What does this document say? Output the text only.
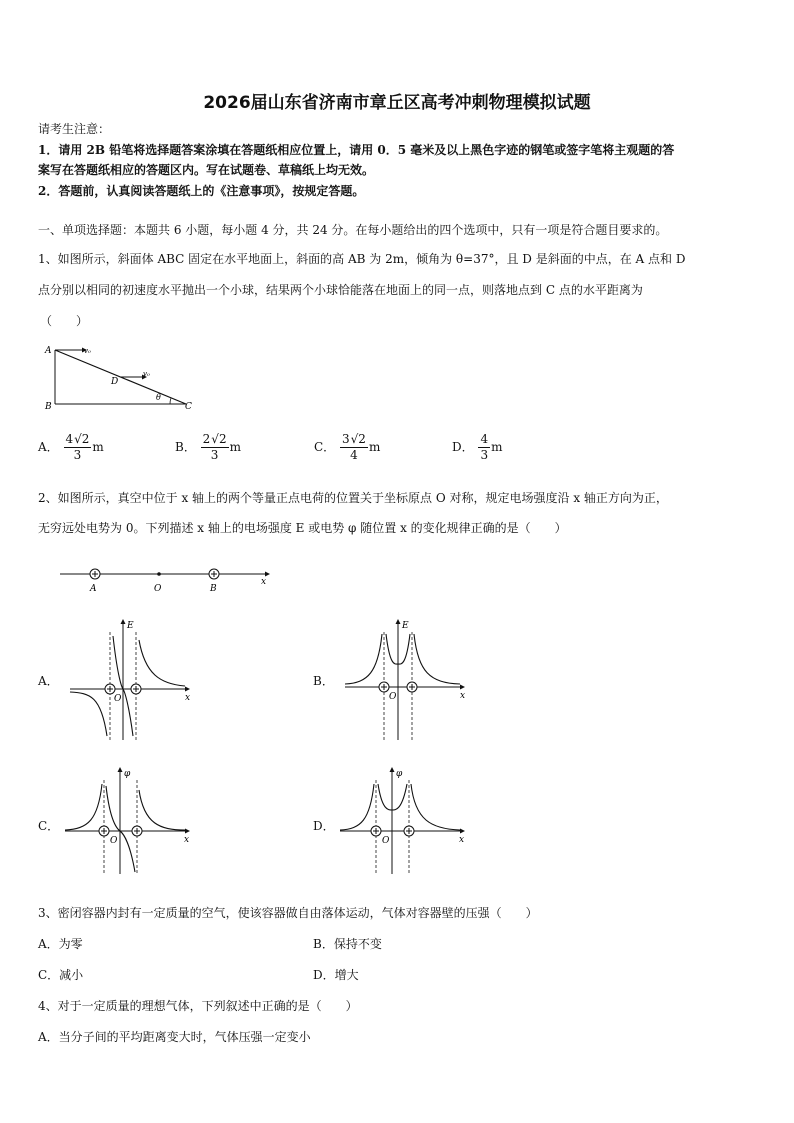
2026届山东省济南市章丘区高考冲刺物理模拟试题
请考生注意：
1．请用 2B 铅笔将选择题答案涂填在答题纸相应位置上，请用 0．5 毫米及以上黑色字迹的钢笔或签字笔将主观题的答
案写在答题纸相应的答题区内。写在试题卷、草稿纸上均无效。
2．答题前，认真阅读答题纸上的《注意事项》，按规定答题。
一、单项选择题：本题共 6 小题，每小题 4 分，共 24 分。在每小题给出的四个选项中，只有一项是符合题目要求的。
1、如图所示，斜面体 ABC 固定在水平地面上，斜面的高 AB 为 2m，倾角为 θ=37°，且 D 是斜面的中点，在 A 点和 D
点分别以相同的初速度水平抛出一个小球，结果两个小球恰能落在地面上的同一点，则落地点到 C 点的水平距离为
（　　）
A
B	C
D
v₀
v₀
θ
A． $\frac{4√2}{3}$ m	B． $\frac{2√2}{3}$ m	C． $\frac{3√2}{4}$ m	D． $\frac{4}{3}$ m
2、如图所示，真空中位于 x 轴上的两个等量正点电荷的位置关于坐标原点 O 对称，规定电场强度沿 x 轴正方向为正，
无穷远处电势为 0。下列描述 x 轴上的电场强度 E 或电势 φ 随位置 x 的变化规律正确的是（　　）
A	O	B
x
A．
E
x
O
B．
E
x
O
C．
φ
x
O
D．
φ
x
O
3、密闭容器内封有一定质量的空气，使该容器做自由落体运动，气体对容器壁的压强（　　）
A．为零	B．保持不变
C．减小	D．增大
4、对于一定质量的理想气体，下列叙述中正确的是（　　）
A．当分子间的平均距离变大时，气体压强一定变小
